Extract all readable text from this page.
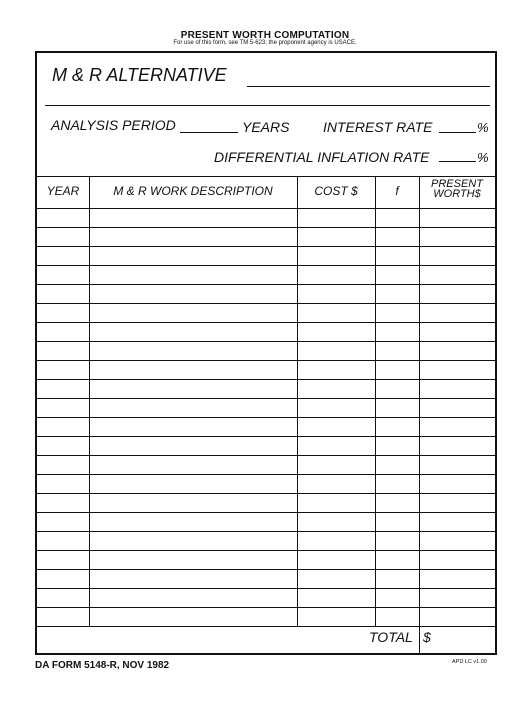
PRESENT WORTH COMPUTATION
For use of this form, see TM 5-623; the proponent agency is USACE.
M & R ALTERNATIVE
ANALYSIS PERIOD	YEARS INTEREST RATE	%
DIFFERENTIAL INFLATION RATE	%
YEAR	M & R WORK DESCRIPTION	COST $	f	PRESENT
WORTH$
TOTAL $
DA FORM 5148-R, NOV 1982	APD LC v1.00
